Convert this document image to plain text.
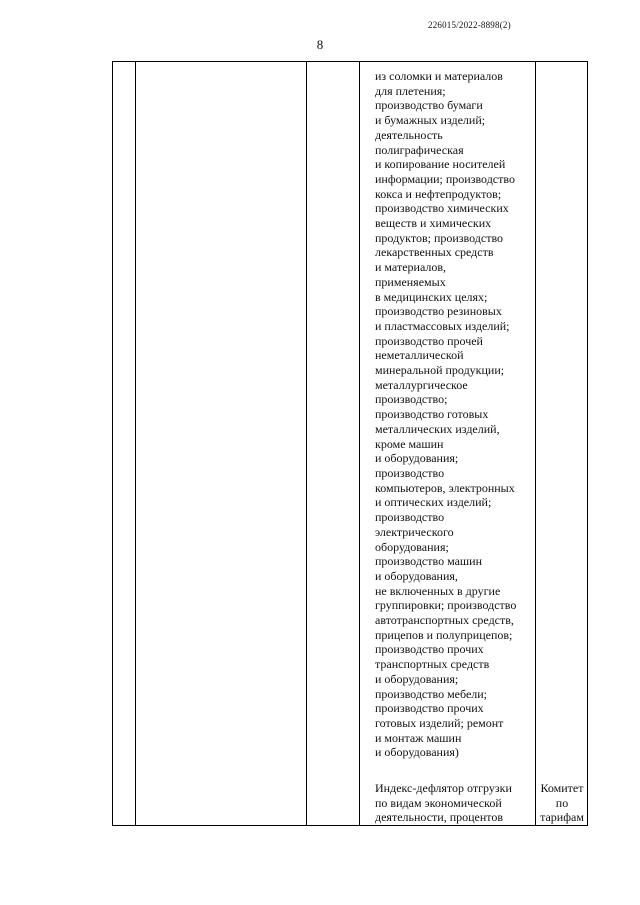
226015/2022-8898(2)
8
из соломки и материалов
для плетения;
производство бумаги
и бумажных изделий;
деятельность
полиграфическая
и копирование носителей
информации; производство
кокса и нефтепродуктов;
производство химических
веществ и химических
продуктов; производство
лекарственных средств
и материалов,
применяемых
в медицинских целях;
производство резиновых
и пластмассовых изделий;
производство прочей
неметаллической
минеральной продукции;
металлургическое
производство;
производство готовых
металлических изделий,
кроме машин
и оборудования;
производство
компьютеров, электронных
и оптических изделий;
производство
электрического
оборудования;
производство машин
и оборудования,
не включенных в другие
группировки; производство
автотранспортных средств,
прицепов и полуприцепов;
производство прочих
транспортных средств
и оборудования;
производство мебели;
производство прочих
готовых изделий; ремонт
и монтаж машин
и оборудования)
Индекс-дефлятор отгрузки
по видам экономической
деятельности, процентов
Комитет
по
тарифам
